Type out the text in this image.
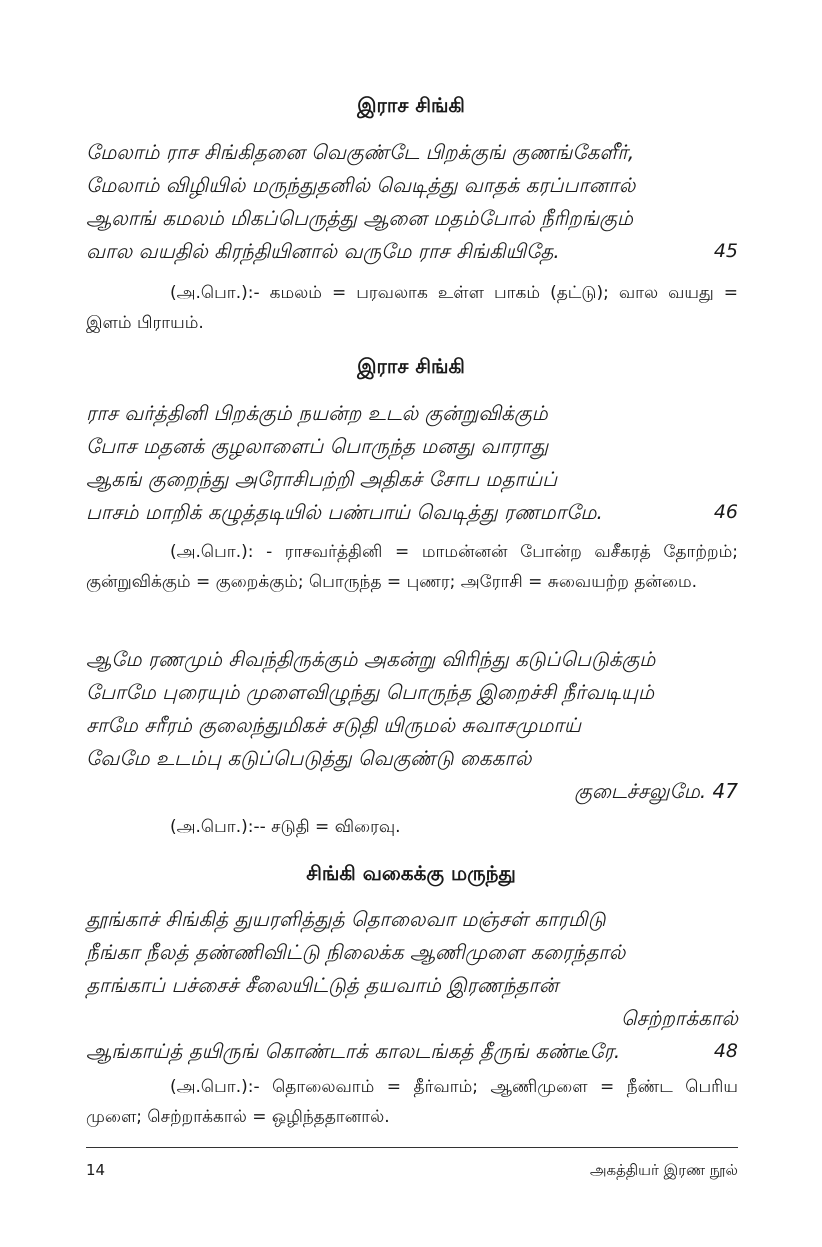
இராச சிங்கி
மேலாம் ராச சிங்கிதனை வெகுண்டே பிறக்குங் குணங்கேளீர்,
மேலாம் விழியில் மருந்துதனில் வெடித்து வாதக் கரப்பானால்
ஆலாங் கமலம் மிகப்பெருத்து ஆனை மதம்போல் நீரிறங்கும்
வால வயதில் கிரந்தியினால் வருமே ராச சிங்கியிதே.	45
(அ.பொ.):- கமலம் = பரவலாக உள்ள பாகம் (தட்டு); வால வயது = இளம் பிராயம்.
இராச சிங்கி
ராச வர்த்தினி பிறக்கும் நயன்ற உடல் குன்றுவிக்கும்
போச மதனக் குழலாளைப் பொருந்த மனது வாராது
ஆகங் குறைந்து அரோசிபற்றி அதிகச் சோப மதாய்ப்
பாசம் மாறிக் கழுத்தடியில் பண்பாய் வெடித்து ரணமாமே.	46
(அ.பொ.): - ராசவர்த்தினி = மாமன்னன் போன்ற வசீகரத் தோற்றம்; குன்றுவிக்கும் = குறைக்கும்; பொருந்த = புணர; அரோசி = சுவையற்ற தன்மை.
ஆமே ரணமும் சிவந்திருக்கும் அகன்று விரிந்து கடுப்பெடுக்கும்
போமே புரையும் முளைவிழுந்து பொருந்த இறைச்சி நீர்வடியும்
சாமே சரீரம் குலைந்துமிகச் சடுதி யிருமல் சுவாசமுமாய்
வேமே உடம்பு கடுப்பெடுத்து வெகுண்டு கைகால்
குடைச்சலுமே. 47
(அ.பொ.):-- சடுதி = விரைவு.
சிங்கி வகைக்கு மருந்து
தூங்காச் சிங்கித் துயரளித்துத் தொலைவா மஞ்சள் காரமிடு
நீங்கா நீலத் தண்ணிவிட்டு நிலைக்க ஆணிமுளை கரைந்தால்
தாங்காப் பச்சைச் சீலையிட்டுத் தயவாம் இரணந்தான்
செற்றாக்கால்
ஆங்காய்த் தயிருங் கொண்டாக் காலடங்கத் தீருங் கண்டீரே.	48
(அ.பொ.):- தொலைவாம் = தீர்வாம்; ஆணிமுளை = நீண்ட பெரிய முளை; செற்றாக்கால் = ஒழிந்ததானால்.
14	அகத்தியர் இரண நூல்
